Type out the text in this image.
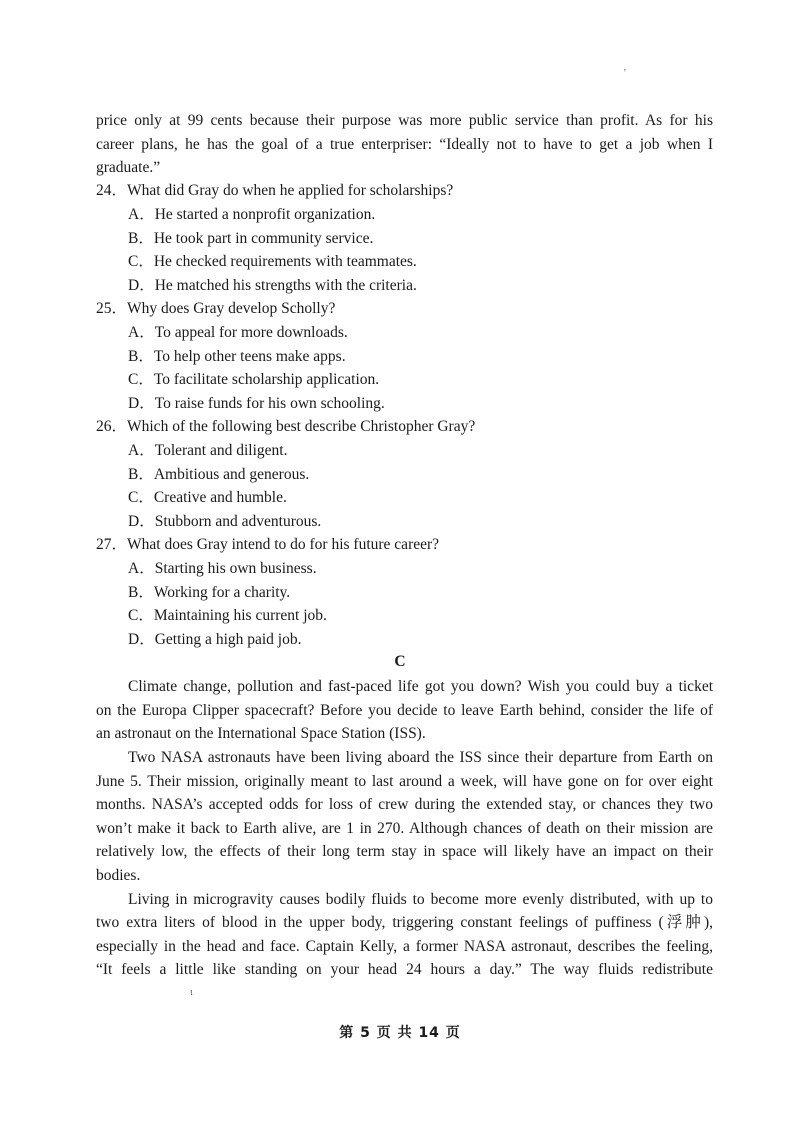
'
price only at 99 cents because their purpose was more public service than profit. As for his
career plans, he has the goal of a true enterpriser: “Ideally not to have to get a job when I
graduate.”
24．What did Gray do when he applied for scholarships?
A．He started a nonprofit organization.
B．He took part in community service.
C．He checked requirements with teammates.
D．He matched his strengths with the criteria.
25．Why does Gray develop Scholly?
A．To appeal for more downloads.
B．To help other teens make apps.
C．To facilitate scholarship application.
D．To raise funds for his own schooling.
26．Which of the following best describe Christopher Gray?
A．Tolerant and diligent.
B．Ambitious and generous.
C．Creative and humble.
D．Stubborn and adventurous.
27．What does Gray intend to do for his future career?
A．Starting his own business.
B．Working for a charity.
C．Maintaining his current job.
D．Getting a high paid job.
C
Climate change, pollution and fast-paced life got you down? Wish you could buy a ticket
on the Europa Clipper spacecraft? Before you decide to leave Earth behind, consider the life of
an astronaut on the International Space Station (ISS).
Two NASA astronauts have been living aboard the ISS since their departure from Earth on
June 5. Their mission, originally meant to last around a week, will have gone on for over eight
months. NASA’s accepted odds for loss of crew during the extended stay, or chances they two
won’t make it back to Earth alive, are 1 in 270. Although chances of death on their mission are
relatively low, the effects of their long term stay in space will likely have an impact on their
bodies.
Living in microgravity causes bodily fluids to become more evenly distributed, with up to
two extra liters of blood in the upper body, triggering constant feelings of puffiness (浮肿),
especially in the head and face. Captain Kelly, a former NASA astronaut, describes the feeling,
“It feels a little like standing on your head 24 hours a day.” The way fluids redistribute
ι
第 5 页 共 14 页
